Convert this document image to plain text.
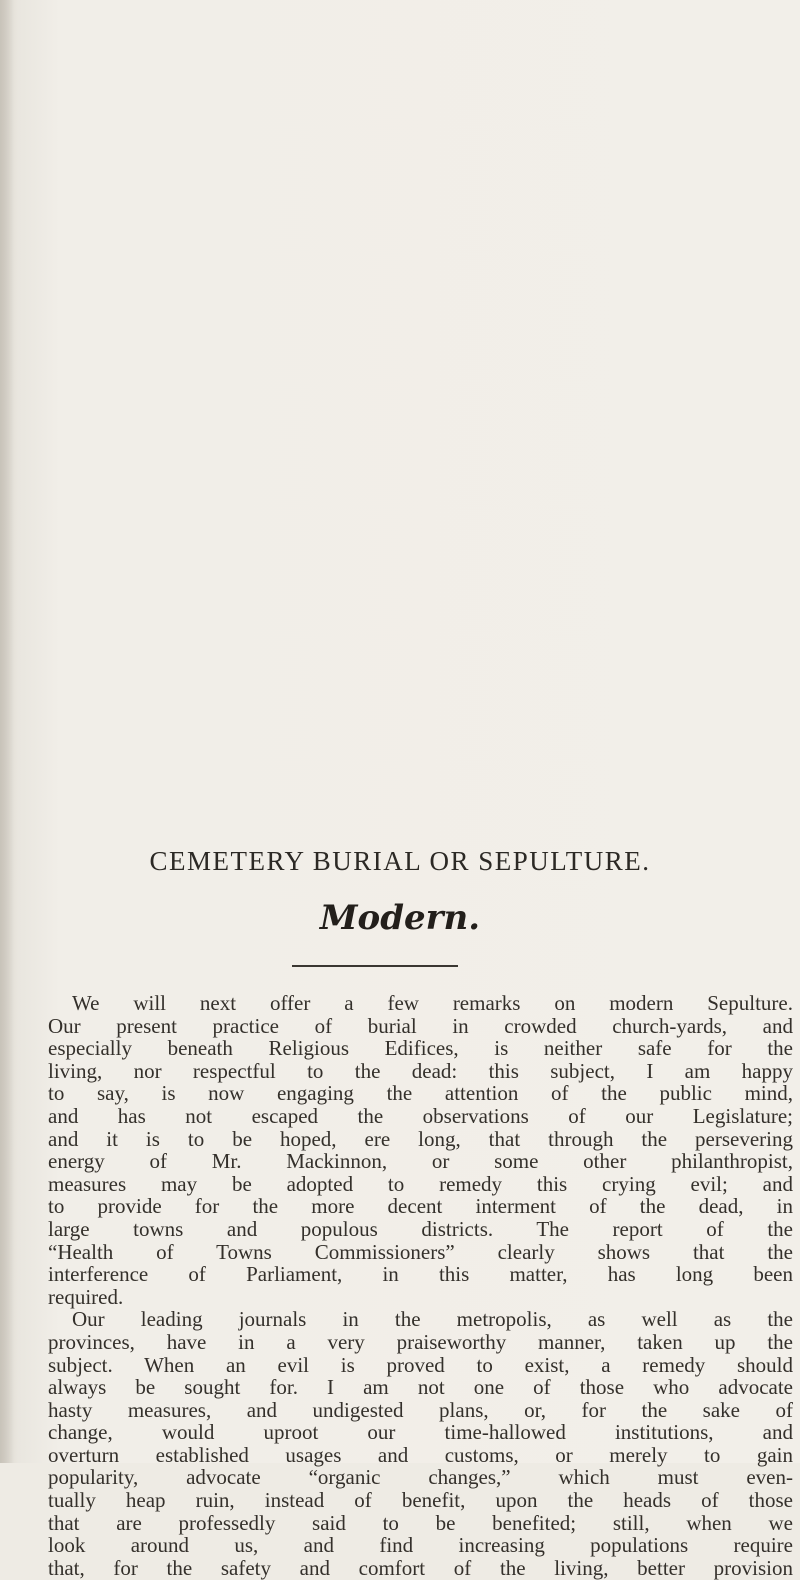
CEMETERY BURIAL OR SEPULTURE.
Modern.
We will next offer a few remarks on modern Sepulture.
Our present practice of burial in crowded church-yards, and
especially beneath Religious Edifices, is neither safe for the
living, nor respectful to the dead: this subject, I am happy
to say, is now engaging the attention of the public mind,
and has not escaped the observations of our Legislature;
and it is to be hoped, ere long, that through the persevering
energy of Mr. Mackinnon, or some other philanthropist,
measures may be adopted to remedy this crying evil; and
to provide for the more decent interment of the dead, in
large towns and populous districts. The report of the
“Health of Towns Commissioners” clearly shows that the
interference of Parliament, in this matter, has long been
required.
Our leading journals in the metropolis, as well as the
provinces, have in a very praiseworthy manner, taken up the
subject. When an evil is proved to exist, a remedy should
always be sought for. I am not one of those who advocate
hasty measures, and undigested plans, or, for the sake of
change, would uproot our time-hallowed institutions, and
overturn established usages and customs, or merely to gain
popularity, advocate “organic changes,” which must even-
tually heap ruin, instead of benefit, upon the heads of those
that are professedly said to be benefited; still, when we
look around us, and find increasing populations require
that, for the safety and comfort of the living, better provision
